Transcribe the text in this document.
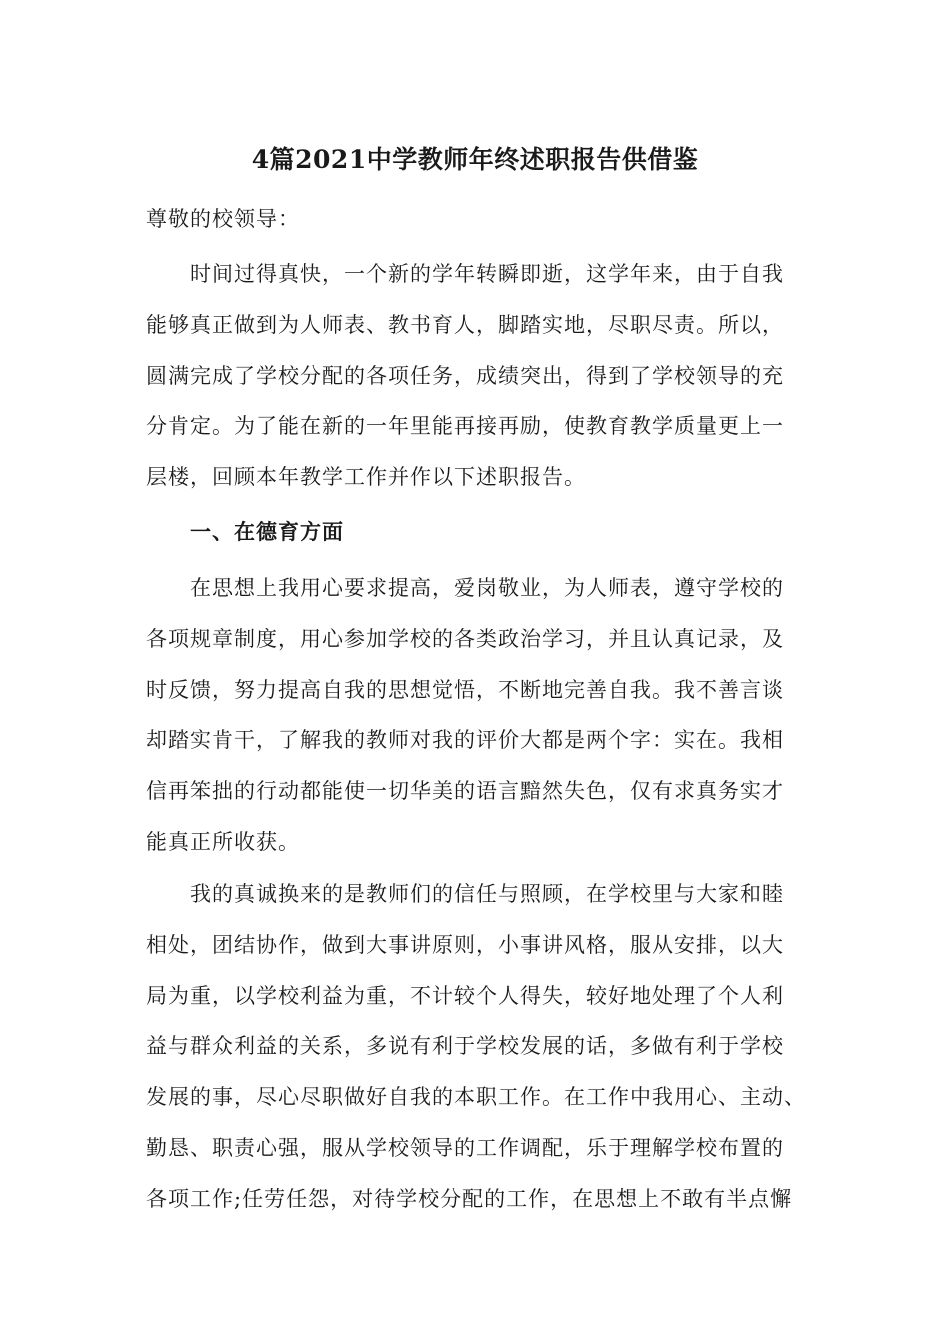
4篇2021中学教师年终述职报告供借鉴
尊敬的校领导：
时间过得真快，一个新的学年转瞬即逝，这学年来，由于自我
能够真正做到为人师表、教书育人，脚踏实地，尽职尽责。所以，
圆满完成了学校分配的各项任务，成绩突出，得到了学校领导的充
分肯定。为了能在新的一年里能再接再励，使教育教学质量更上一
层楼，回顾本年教学工作并作以下述职报告。
一、在德育方面
在思想上我用心要求提高，爱岗敬业，为人师表，遵守学校的
各项规章制度，用心参加学校的各类政治学习，并且认真记录，及
时反馈，努力提高自我的思想觉悟，不断地完善自我。我不善言谈
却踏实肯干，了解我的教师对我的评价大都是两个字：实在。我相
信再笨拙的行动都能使一切华美的语言黯然失色，仅有求真务实才
能真正所收获。
我的真诚换来的是教师们的信任与照顾，在学校里与大家和睦
相处，团结协作，做到大事讲原则，小事讲风格，服从安排，以大
局为重，以学校利益为重，不计较个人得失，较好地处理了个人利
益与群众利益的关系，多说有利于学校发展的话，多做有利于学校
发展的事，尽心尽职做好自我的本职工作。在工作中我用心、主动、
勤恳、职责心强，服从学校领导的工作调配，乐于理解学校布置的
各项工作;任劳任怨，对待学校分配的工作，在思想上不敢有半点懈
